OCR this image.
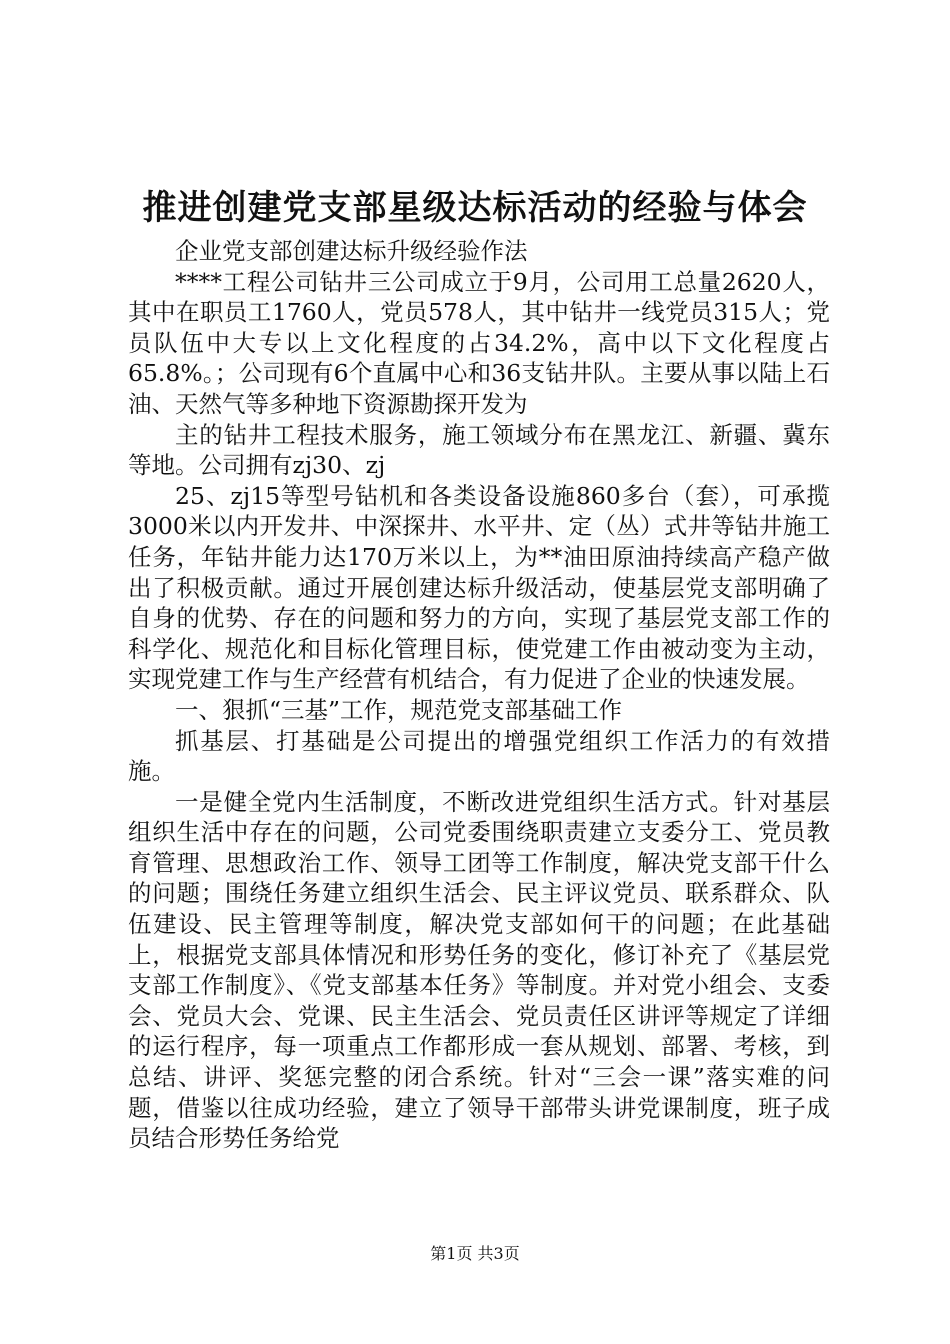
推进创建党支部星级达标活动的经验与体会

企业党支部创建达标升级经验作法

****工程公司钻井三公司成立于9月，公司用工总量2620人，其中在职员工1760人，党员578人，其中钻井一线党员315人；党员队伍中大专以上文化程度的占34.2%，高中以下文化程度占65.8%。；公司现有6个直属中心和36支钻井队。主要从事以陆上石油、天然气等多种地下资源勘探开发为

主的钻井工程技术服务，施工领域分布在黑龙江、新疆、冀东等地。公司拥有zj30、zj

25、zj15等型号钻机和各类设备设施860多台（套），可承揽3000米以内开发井、中深探井、水平井、定（丛）式井等钻井施工任务，年钻井能力达170万米以上，为**油田原油持续高产稳产做出了积极贡献。通过开展创建达标升级活动，使基层党支部明确了自身的优势、存在的问题和努力的方向，实现了基层党支部工作的科学化、规范化和目标化管理目标，使党建工作由被动变为主动，实现党建工作与生产经营有机结合，有力促进了企业的快速发展。

一、狠抓“三基”工作，规范党支部基础工作

抓基层、打基础是公司提出的增强党组织工作活力的有效措施。

一是健全党内生活制度，不断改进党组织生活方式。针对基层组织生活中存在的问题，公司党委围绕职责建立支委分工、党员教育管理、思想政治工作、领导工团等工作制度，解决党支部干什么的问题；围绕任务建立组织生活会、民主评议党员、联系群众、队伍建设、民主管理等制度，解决党支部如何干的问题；在此基础上，根据党支部具体情况和形势任务的变化，修订补充了《基层党支部工作制度》、《党支部基本任务》等制度。并对党小组会、支委会、党员大会、党课、民主生活会、党员责任区讲评等规定了详细的运行程序，每一项重点工作都形成一套从规划、部署、考核，到总结、讲评、奖惩完整的闭合系统。针对“三会一课”落实难的问题，借鉴以往成功经验，建立了领导干部带头讲党课制度，班子成员结合形势任务给党

第1页 共3页
